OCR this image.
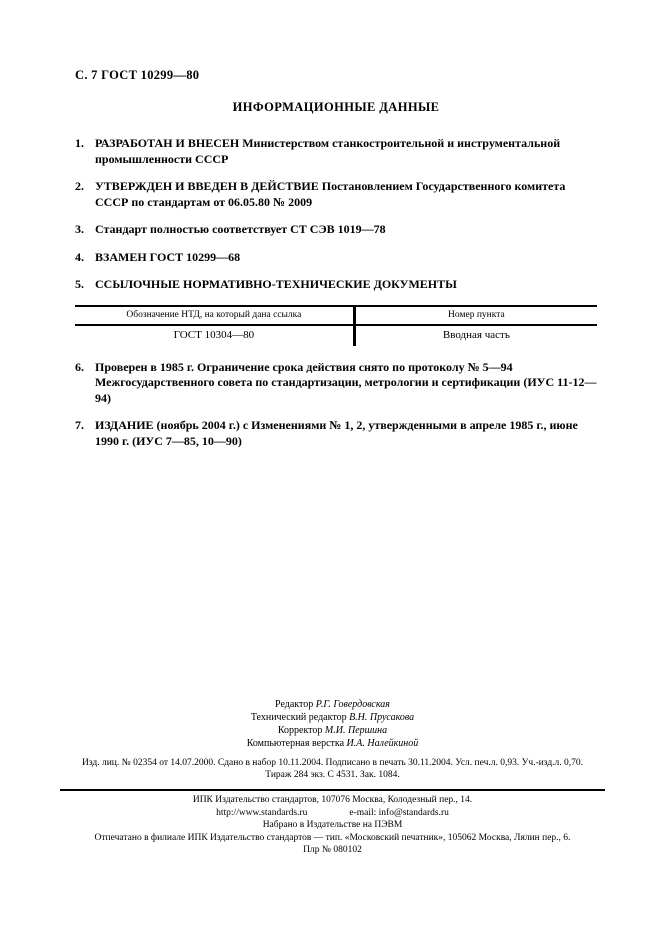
С. 7 ГОСТ 10299—80
ИНФОРМАЦИОННЫЕ ДАННЫЕ
1. РАЗРАБОТАН И ВНЕСЕН Министерством станкостроительной и инструментальной промышленности СССР
2. УТВЕРЖДЕН И ВВЕДЕН В ДЕЙСТВИЕ Постановлением Государственного комитета СССР по стандартам от 06.05.80 № 2009
3. Стандарт полностью соответствует СТ СЭВ 1019—78
4. ВЗАМЕН ГОСТ 10299—68
5. ССЫЛОЧНЫЕ НОРМАТИВНО-ТЕХНИЧЕСКИЕ ДОКУМЕНТЫ
Обозначение НТД, на который дана ссылка	Номер пункта
ГОСТ 10304—80	Вводная часть
6. Проверен в 1985 г. Ограничение срока действия снято по протоколу № 5—94 Межгосударственного совета по стандартизации, метрологии и сертификации (ИУС 11-12—94)
7. ИЗДАНИЕ (ноябрь 2004 г.) с Изменениями № 1, 2, утвержденными в апреле 1985 г., июне 1990 г. (ИУС 7—85, 10—90)
Редактор Р.Г. Говердовская
Технический редактор В.Н. Прусакова
Корректор М.И. Першина
Компьютерная верстка И.А. Налейкиной
Изд. лиц. № 02354 от 14.07.2000. Сдано в набор 10.11.2004. Подписано в печать 30.11.2004. Усл. печ.л. 0,93. Уч.-изд.л. 0,70.
Тираж 284 экз. С 4531. Зак. 1084.
ИПК Издательство стандартов, 107076 Москва, Колодезный пер., 14.
http://www.standards.ru	e-mail: info@standards.ru
Набрано в Издательстве на ПЭВМ
Отпечатано в филиале ИПК Издательство стандартов — тип. «Московский печатник», 105062 Москва, Лялин пер., 6.
Плр № 080102
